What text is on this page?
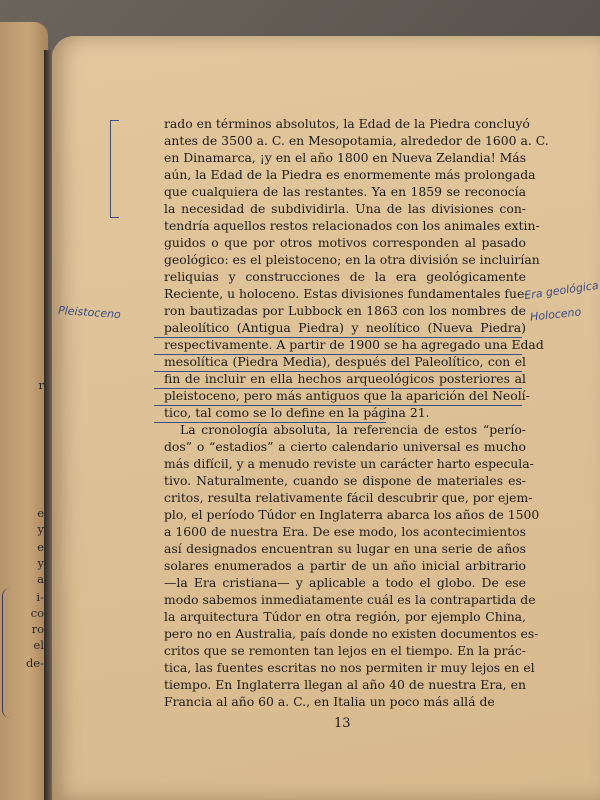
r
e
y
e
y
a
i-
co
ro
el
de-
rado en términos absolutos, la Edad de la Piedra concluyó
antes de 3500 a. C. en Mesopotamia, alrededor de 1600 a. C.
en Dinamarca, ¡y en el año 1800 en Nueva Zelandia! Más
aún, la Edad de la Piedra es enormemente más prolongada
que cualquiera de las restantes. Ya en 1859 se reconocía
la necesidad de subdividirla. Una de las divisiones con-
tendría aquellos restos relacionados con los animales extin-
guidos o que por otros motivos corresponden al pasado
geológico: es el pleistoceno; en la otra división se incluirían
reliquias y construcciones de la era geológicamente
Reciente, u holoceno. Estas divisiones fundamentales fue-
ron bautizadas por Lubbock en 1863 con los nombres de
paleolítico (Antigua Piedra) y neolítico (Nueva Piedra)
respectivamente. A partir de 1900 se ha agregado una Edad
mesolítica (Piedra Media), después del Paleolítico, con el
fin de incluir en ella hechos arqueológicos posteriores al
pleistoceno, pero más antiguos que la aparición del Neolí-
tico, tal como se lo define en la página 21.
La cronología absoluta, la referencia de estos “perío-
dos” o “estadios” a cierto calendario universal es mucho
más difícil, y a menudo reviste un carácter harto especula-
tivo. Naturalmente, cuando se dispone de materiales es-
critos, resulta relativamente fácil descubrir que, por ejem-
plo, el período Túdor en Inglaterra abarca los años de 1500
a 1600 de nuestra Era. De ese modo, los acontecimientos
así designados encuentran su lugar en una serie de años
solares enumerados a partir de un año inicial arbitrario
—la Era cristiana— y aplicable a todo el globo. De ese
modo sabemos inmediatamente cuál es la contrapartida de
la arquitectura Túdor en otra región, por ejemplo China,
pero no en Australia, país donde no existen documentos es-
critos que se remonten tan lejos en el tiempo. En la prác-
tica, las fuentes escritas no nos permiten ir muy lejos en el
tiempo. En Inglaterra llegan al año 40 de nuestra Era, en
Francia al año 60 a. C., en Italia un poco más allá de
13
Pleistoceno
Era geológica
Holoceno
